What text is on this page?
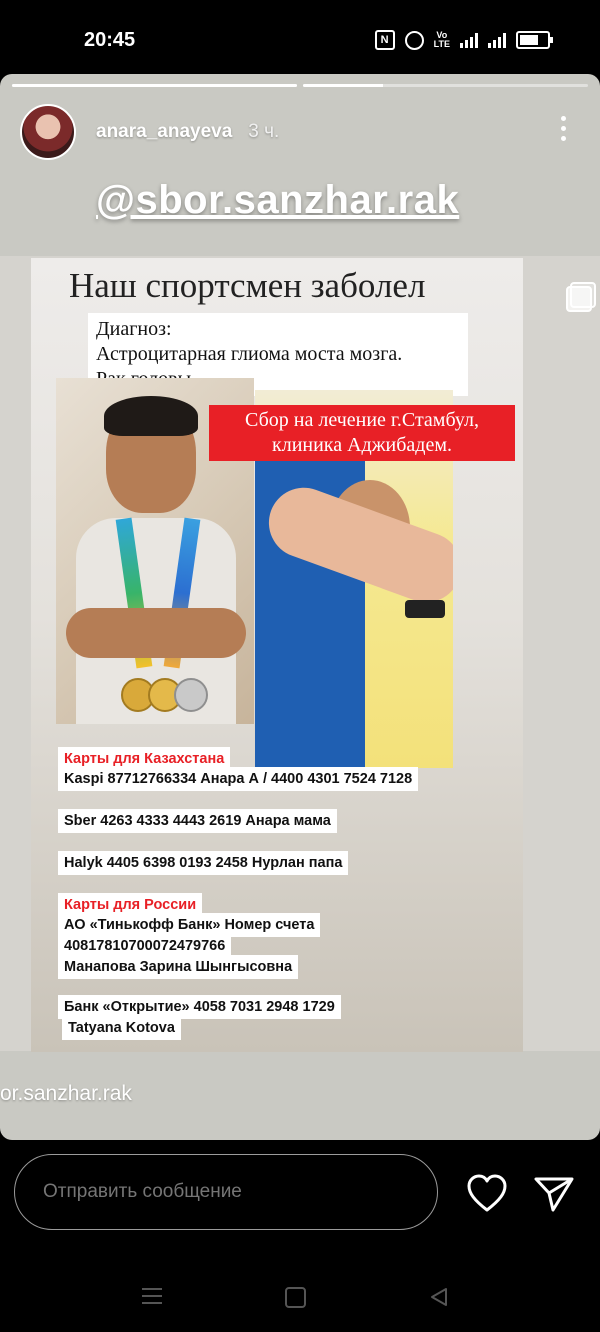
20:45	N	Vo
LTE
anara_anayeva 3 ч.
@sbor.sanzhar.rak
Наш спортсмен заболел
Диагноз:
Астроцитарная глиома моста мозга.
Сбор на лечение г.Стамбул,
клиника Аджибадем.
Карты для Казахстана
Kaspi 87712766334 Анара А / 4400 4301 7524 7128
Sber 4263 4333 4443 2619 Анара мама
Halyk 4405 6398 0193 2458 Нурлан папа
Карты для России
АО «Тинькофф Банк» Номер счета
40817810700072479766
Манапова Зарина Шынгысовна
Банк «Открытие» 4058 7031 2948 1729
Tatyana Kotova
or.sanzhar.rak
Отправить сообщение
